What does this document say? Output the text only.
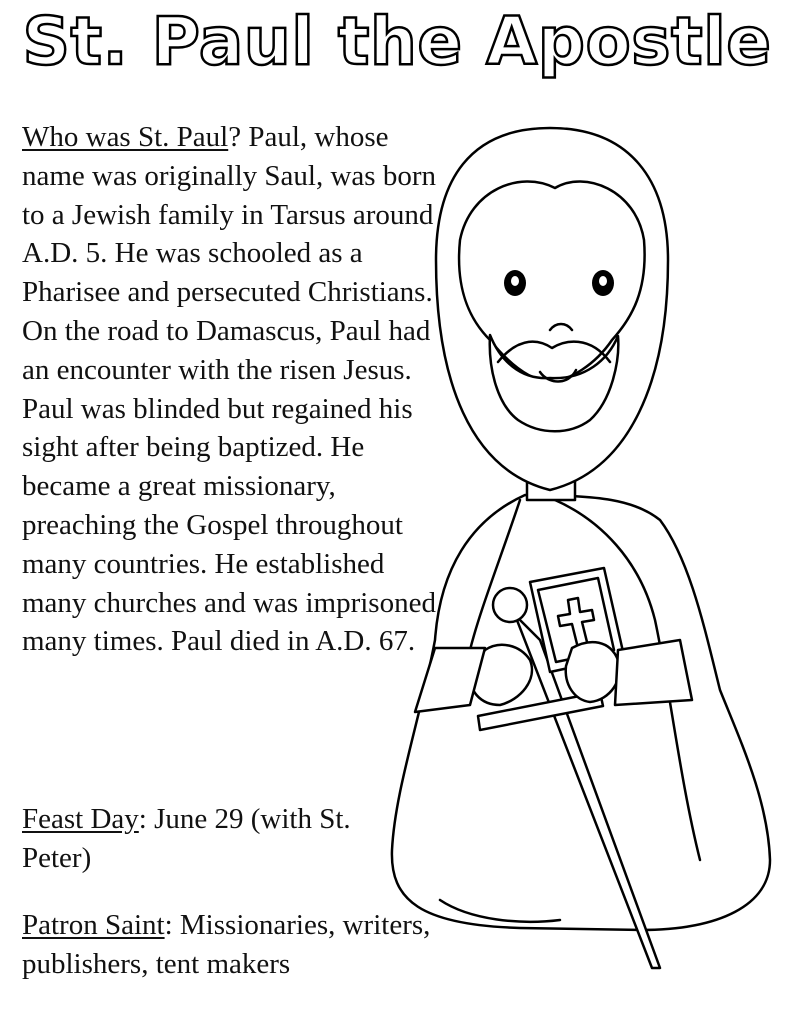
St. Paul the Apostle

Who was St. Paul? Paul, whose name was originally Saul, was born to a Jewish family in Tarsus around A.D. 5. He was schooled as a Pharisee and persecuted Christians. On the road to Damascus, Paul had an encounter with the risen Jesus. Paul was blinded but regained his sight after being baptized. He became a great missionary, preaching the Gospel throughout many countries. He established many churches and was imprisoned many times. Paul died in A.D. 67.

Feast Day: June 29 (with St. Peter)
Patron Saint: Missionaries, writers, publishers, tent makers
